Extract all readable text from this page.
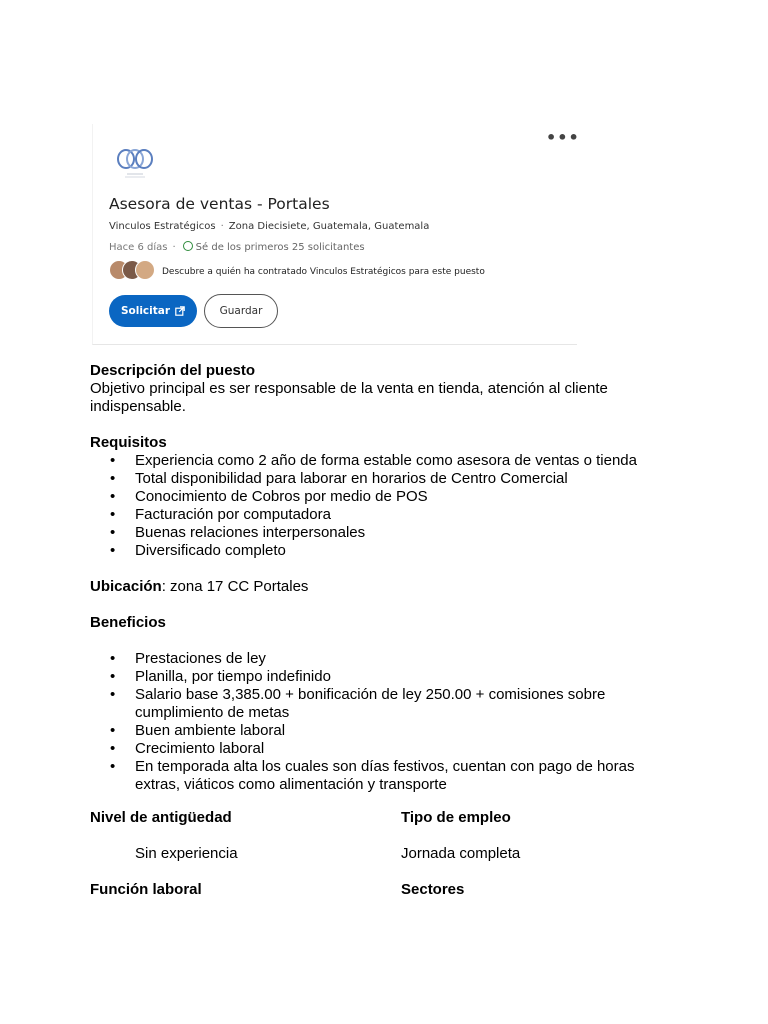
•••
Asesora de ventas - Portales
Vinculos Estratégicos · Zona Diecisiete, Guatemala, Guatemala
Hace 6 días · Sé de los primeros 25 solicitantes
Descubre a quién ha contratado Vinculos Estratégicos para este puesto
Solicitar	Guardar
Descripción del puesto

Objetivo principal es ser responsable de la venta en tienda, atención al cliente indispensable.

Requisitos
• Experiencia como 2 año de forma estable como asesora de ventas o tienda
• Total disponibilidad para laborar en horarios de Centro Comercial
• Conocimiento de Cobros por medio de POS
• Facturación por computadora
• Buenas relaciones interpersonales
• Diversificado completo

Ubicación: zona 17 CC Portales

Beneficios
• Prestaciones de ley
• Planilla, por tiempo indefinido
• Salario base 3,385.00 + bonificación de ley 250.00 + comisiones sobre cumplimiento de metas
• Buen ambiente laboral
• Crecimiento laboral
• En temporada alta los cuales son días festivos, cuentan con pago de horas extras, viáticos como alimentación y transporte
Nivel de antigüedad	Tipo de empleo
Sin experiencia	Jornada completa
Función laboral	Sectores
